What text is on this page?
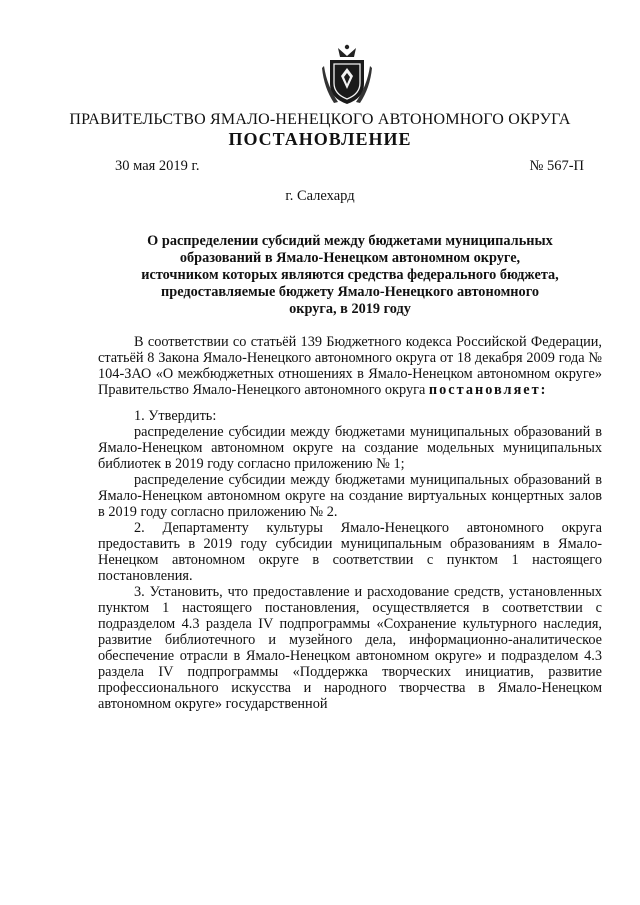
ПРАВИТЕЛЬСТВО ЯМАЛО-НЕНЕЦКОГО АВТОНОМНОГО ОКРУГА
ПОСТАНОВЛЕНИЕ
30 мая 2019 г.	№ 567-П
г. Салехард
О распределении субсидий между бюджетами муниципальных образований в Ямало-Ненецком автономном округе, источником которых являются средства федерального бюджета, предоставляемые бюджету Ямало-Ненецкого автономного округа, в 2019 году

В соответствии со статьёй 139 Бюджетного кодекса Российской Федерации, статьёй 8 Закона Ямало-Ненецкого автономного округа от 18 декабря 2009 года № 104-ЗАО «О межбюджетных отношениях в Ямало-Ненецком автономном округе» Правительство Ямало-Ненецкого автономного округа постановляет:

1. Утвердить:

распределение субсидии между бюджетами муниципальных образований в Ямало-Ненецком автономном округе на создание модельных муниципальных библиотек в 2019 году согласно приложению № 1;

распределение субсидии между бюджетами муниципальных образований в Ямало-Ненецком автономном округе на создание виртуальных концертных залов в 2019 году согласно приложению № 2.

2. Департаменту культуры Ямало-Ненецкого автономного округа предоставить в 2019 году субсидии муниципальным образованиям в Ямало-Ненецком автономном округе в соответствии с пунктом 1 настоящего постановления.

3. Установить, что предоставление и расходование средств, установленных пунктом 1 настоящего постановления, осуществляется в соответствии с подразделом 4.3 раздела IV подпрограммы «Сохранение культурного наследия, развитие библиотечного и музейного дела, информационно-аналитическое обеспечение отрасли в Ямало-Ненецком автономном округе» и подразделом 4.3 раздела IV подпрограммы «Поддержка творческих инициатив, развитие профессионального искусства и народного творчества в Ямало-Ненецком автономном округе» государственной
